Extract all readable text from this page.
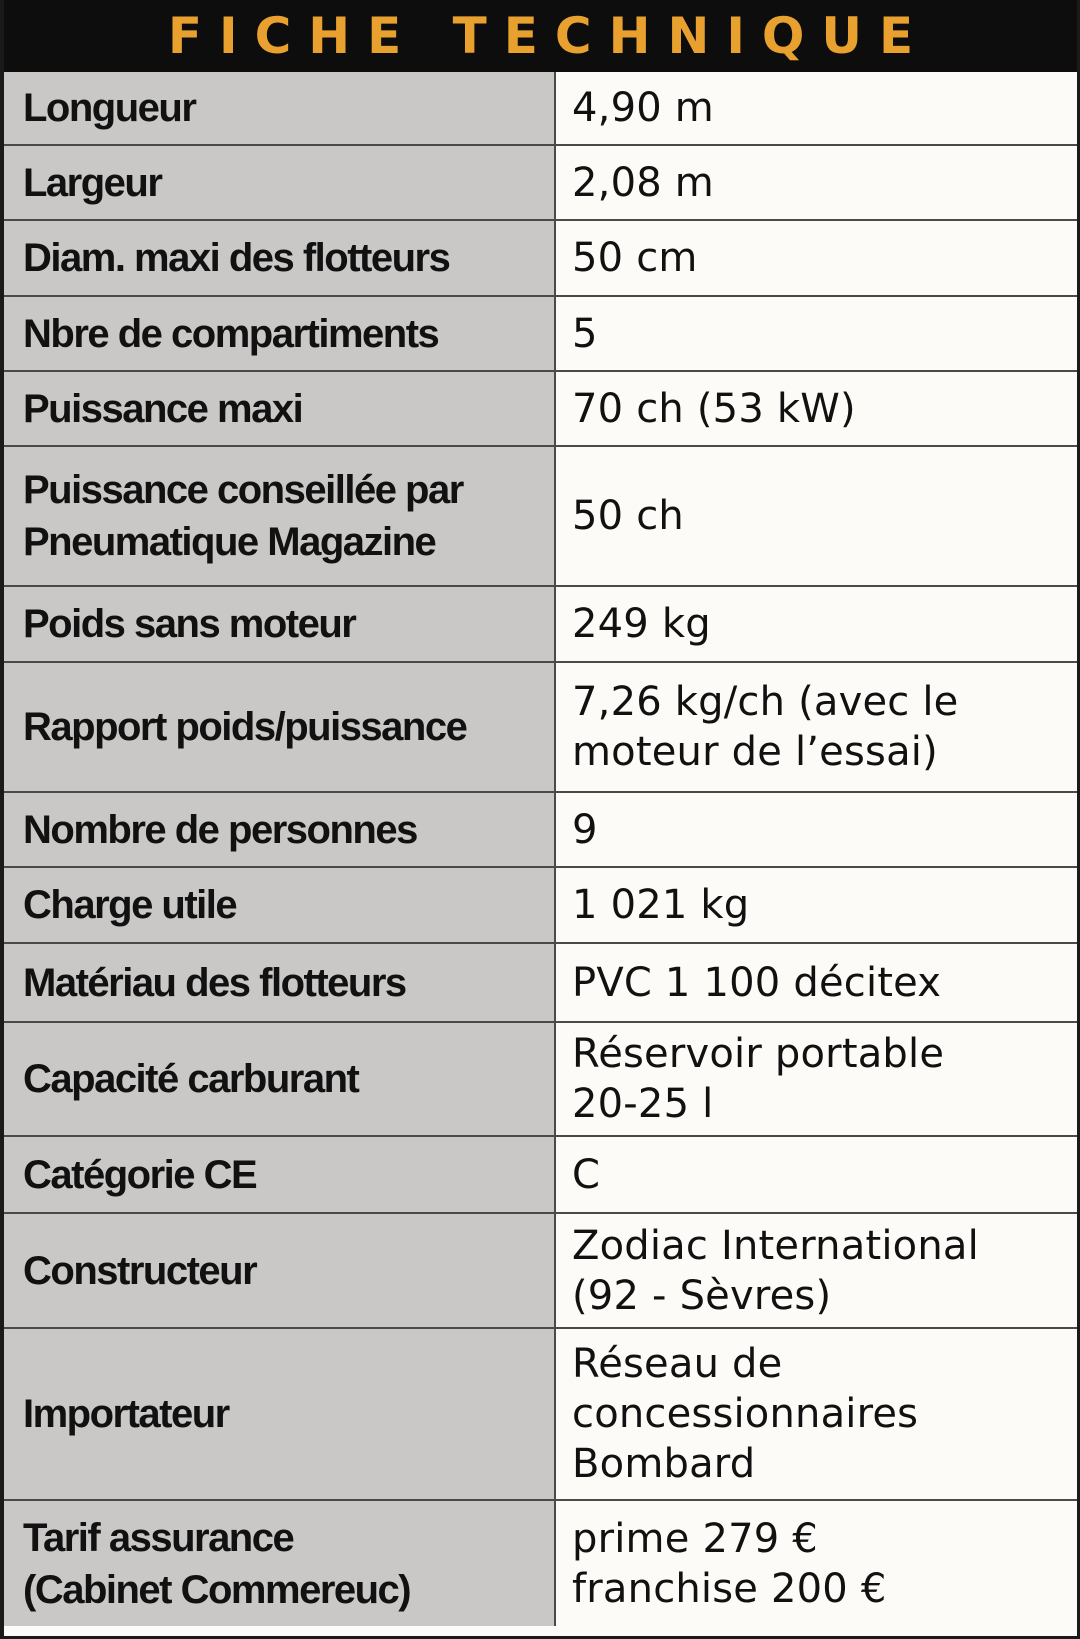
FICHE TECHNIQUE
Longueur	4,90 m

Largeur	2,08 m

Diam. maxi des flotteurs	50 cm

Nbre de compartiments	5

Puissance maxi	70 ch (53 kW)

Puissance conseillée par
Pneumatique Magazine	50 ch

Poids sans moteur	249 kg

Rapport poids/puissance	7,26 kg/ch (avec le
moteur de l’essai)

Nombre de personnes	9

Charge utile	1 021 kg

Matériau des flotteurs	PVC 1 100 décitex

Capacité carburant	Réservoir portable
20-25 l

Catégorie CE	C

Constructeur	Zodiac International
(92 - Sèvres)

Importateur	Réseau de
concessionnaires
Bombard

Tarif assurance
(Cabinet Commereuc)	prime 279 €
franchise 200 €
